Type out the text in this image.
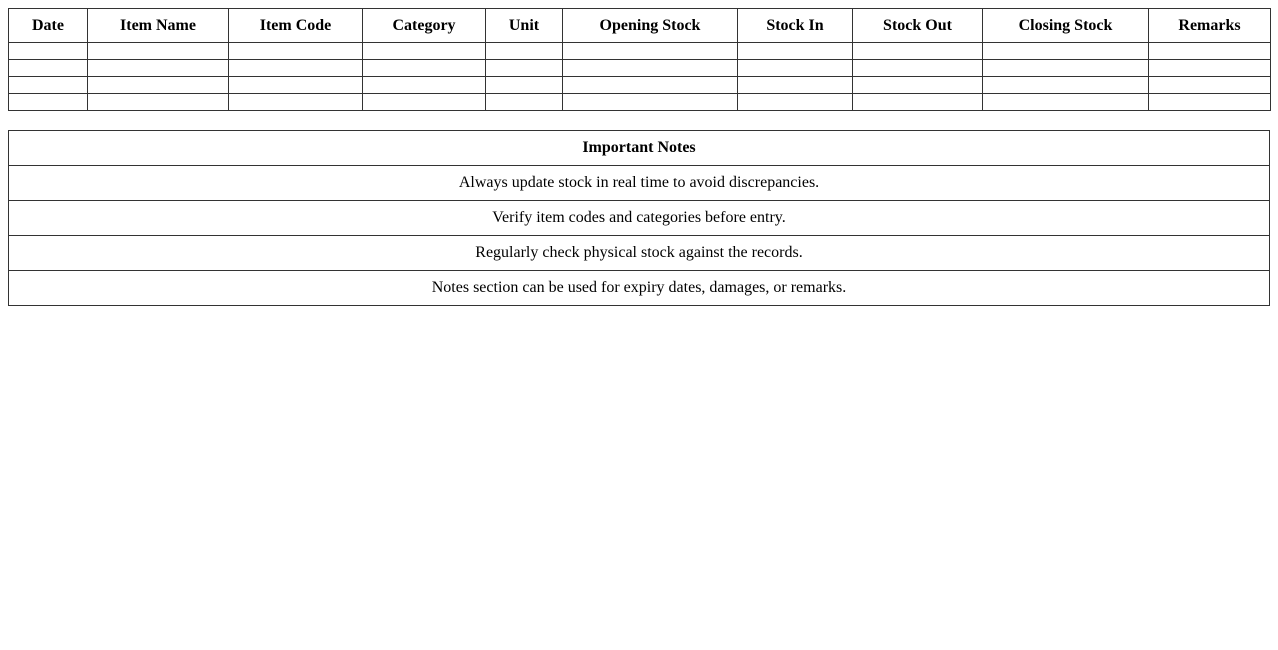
Date	Item Name	Item Code	Category	Unit	Opening Stock	Stock In	Stock Out	Closing Stock	Remarks

Important Notes
Always update stock in real time to avoid discrepancies.
Verify item codes and categories before entry.
Regularly check physical stock against the records.
Notes section can be used for expiry dates, damages, or remarks.
